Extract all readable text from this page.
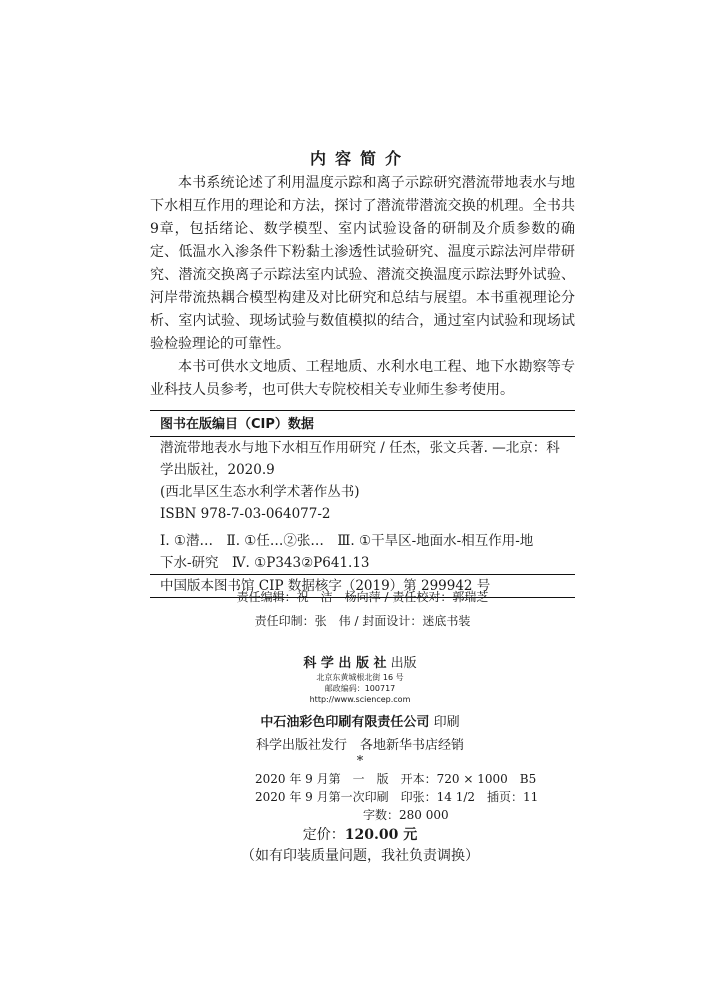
内容简介

本书系统论述了利用温度示踪和离子示踪研究潜流带地表水与地下水相互作用的理论和方法，探讨了潜流带潜流交换的机理。全书共9章，包括绪论、数学模型、室内试验设备的研制及介质参数的确定、低温水入渗条件下粉黏土渗透性试验研究、温度示踪法河岸带研究、潜流交换离子示踪法室内试验、潜流交换温度示踪法野外试验、河岸带流热耦合模型构建及对比研究和总结与展望。本书重视理论分析、室内试验、现场试验与数值模拟的结合，通过室内试验和现场试验检验理论的可靠性。

本书可供水文地质、工程地质、水利水电工程、地下水勘察等专业科技人员参考，也可供大专院校相关专业师生参考使用。

图书在版编目（CIP）数据
潜流带地表水与地下水相互作用研究 / 任杰，张文兵著. —北京：科
学出版社，2020.9
(西北旱区生态水利学术著作丛书)
ISBN 978-7-03-064077-2
Ⅰ. ①潜…　Ⅱ. ①任…②张…　Ⅲ. ①干旱区-地面水-相互作用-地
下水-研究　Ⅳ. ①P343②P641.13
中国版本图书馆 CIP 数据核字（2019）第 299942 号
责任编辑：祝　洁　杨向萍 / 责任校对：郭瑞芝
责任印制：张　伟 / 封面设计：迷底书装
科 学 出 版 社 出版
北京东黄城根北街 16 号
邮政编码：100717
http://www.sciencep.com
中石油彩色印刷有限责任公司 印刷
科学出版社发行　各地新华书店经销
*
2020 年 9 月第　一　版　开本：720 × 1000　B5
2020 年 9 月第一次印刷　印张：14 1/2　插页：11
　　　　　　　　　字数：280 000
定价：120.00 元
（如有印装质量问题，我社负责调换）
